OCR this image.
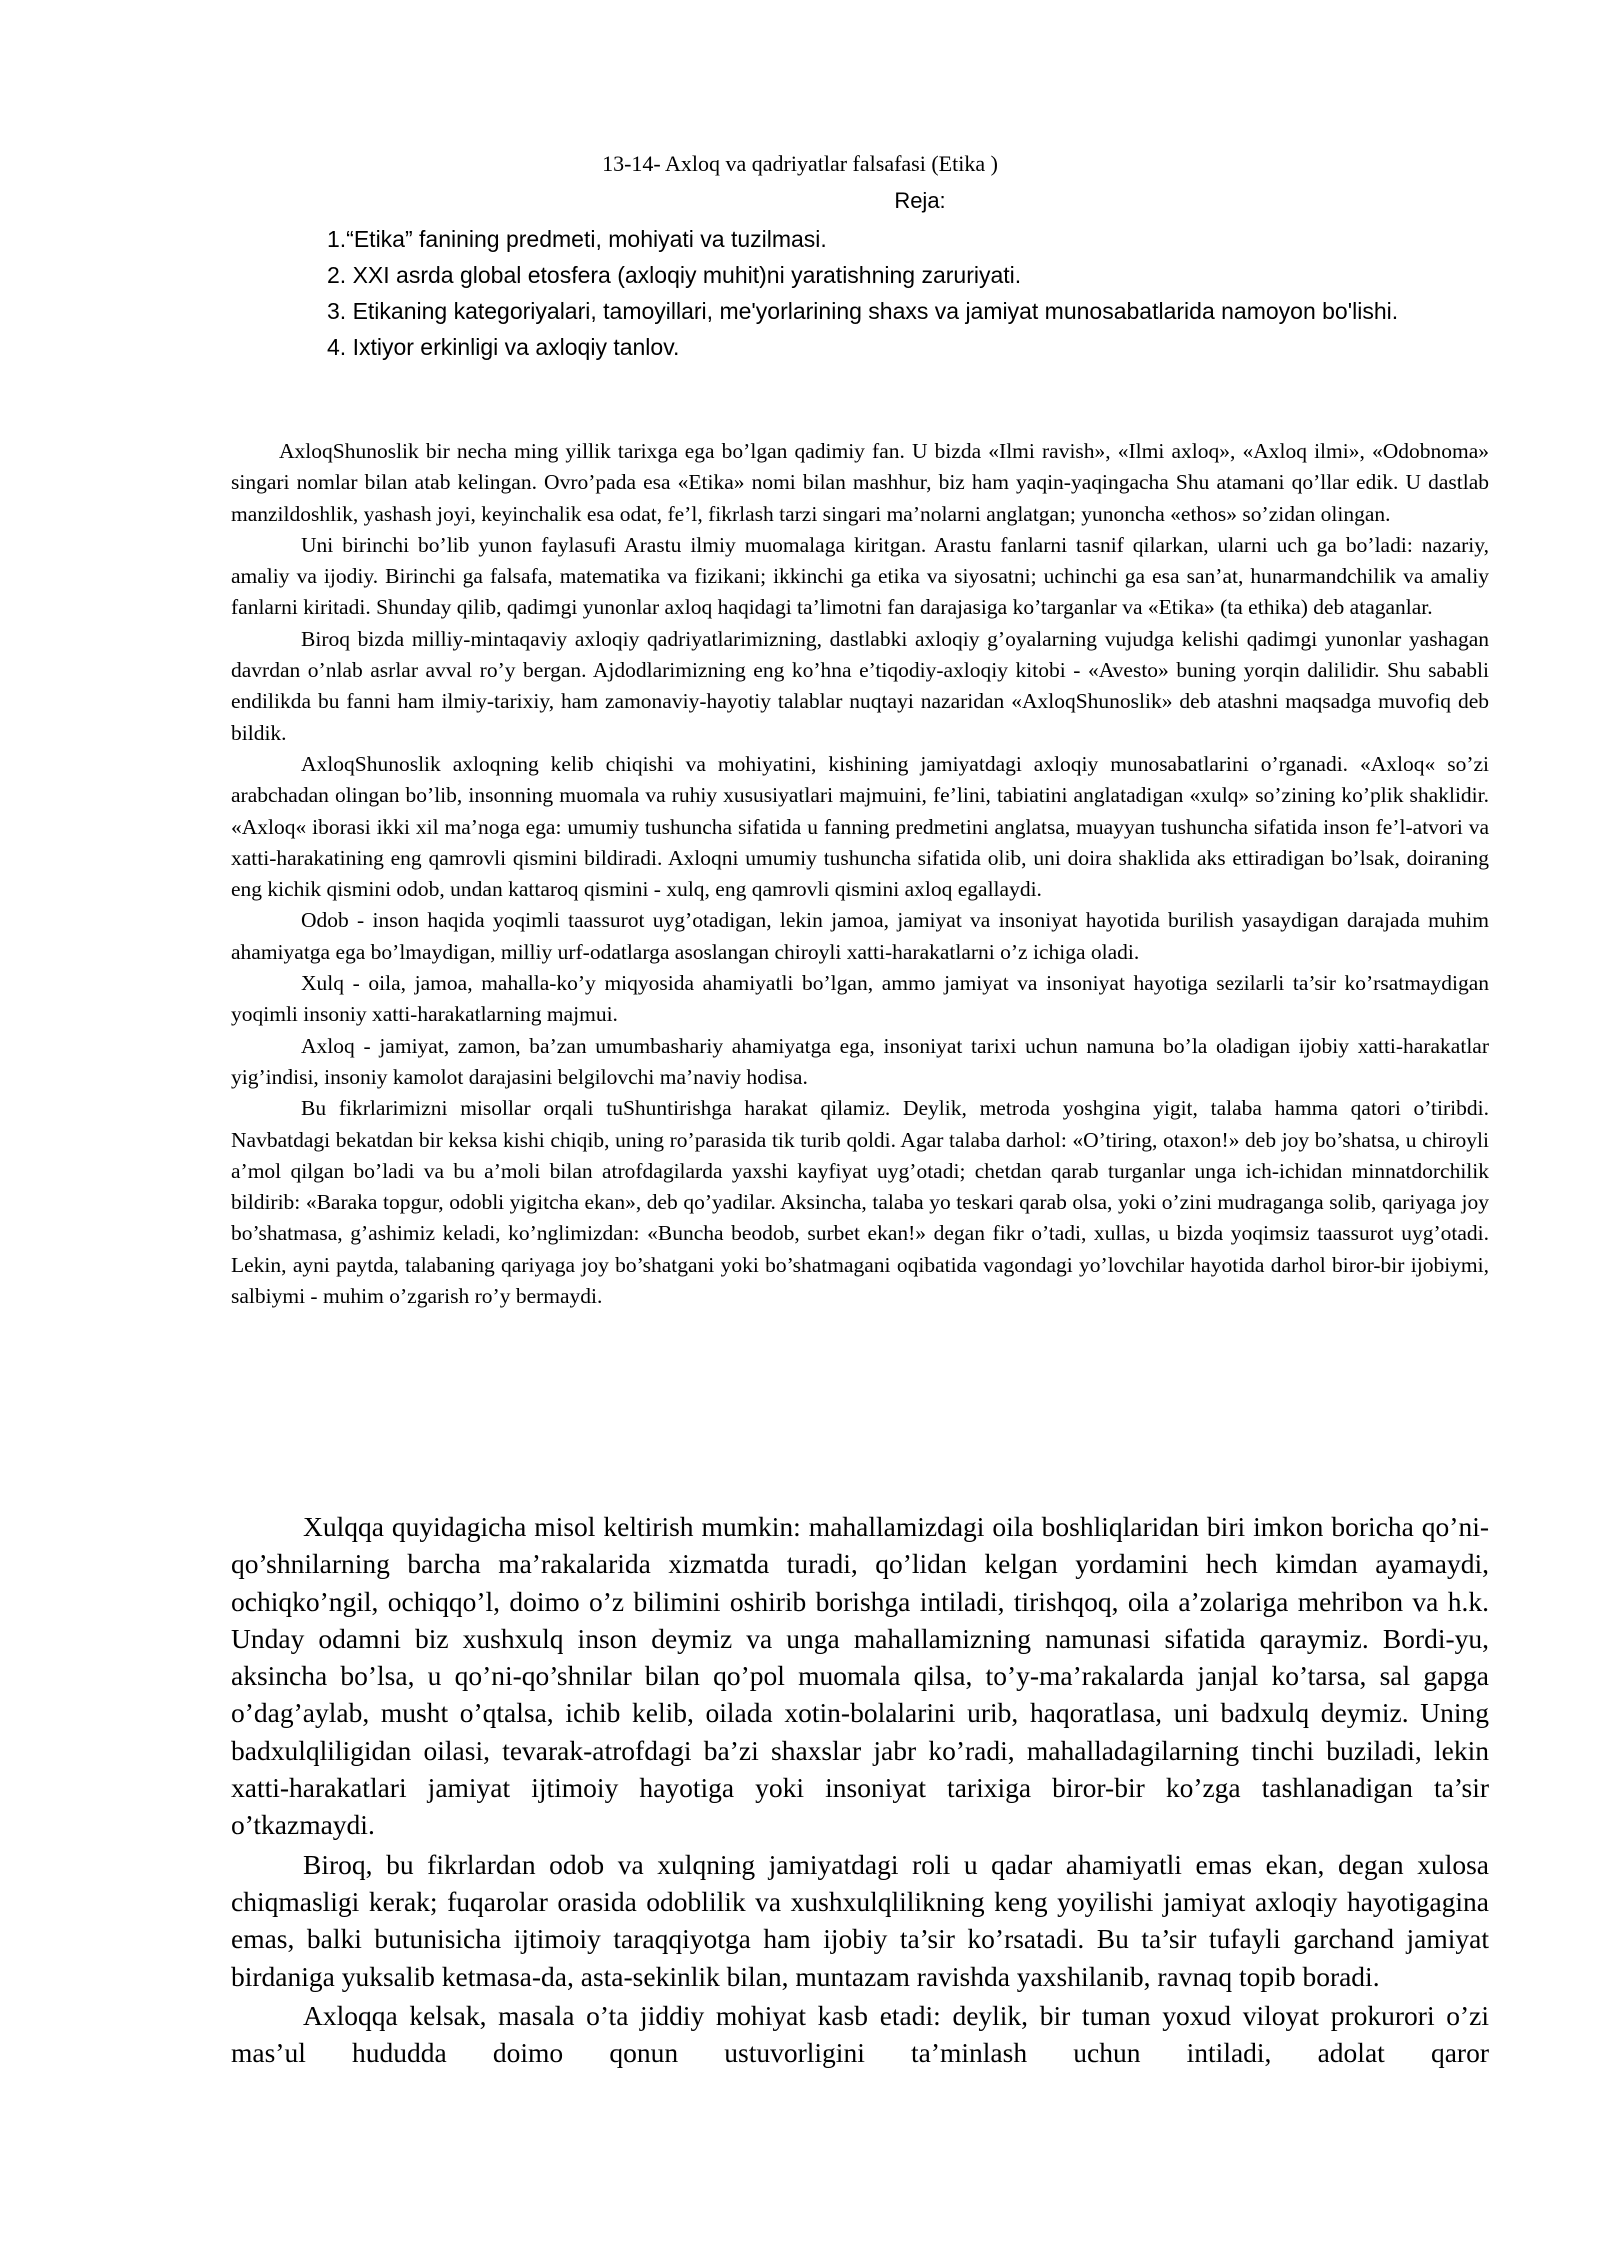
13-14- Axloq va qadriyatlar falsafasi (Etika )
Reja:
1.“Etika” fanining predmeti, mohiyati va tuzilmasi.
2. XXI asrda global etosfera (axloqiy muhit)ni yaratishning zaruriyati.
3. Etikaning kategoriyalari, tamoyillari, me'yorlarining shaxs va jamiyat munosabatlarida namoyon bo'lishi.
4. Ixtiyor erkinligi va axloqiy tanlov.

AxloqShunoslik bir necha ming yillik tarixga ega bo’lgan qadimiy fan. U bizda «Ilmi ravish», «Ilmi axloq», «Axloq ilmi», «Odobnoma» singari nomlar bilan atab kelingan. Ovro’pada esa «Etika» nomi bilan mashhur, biz ham yaqin-yaqingacha Shu atamani qo’llar edik. U dastlab manzildoshlik, yashash joyi, keyinchalik esa odat, fe’l, fikrlash tarzi singari ma’nolarni anglatgan; yunoncha «ethos» so’zidan olingan.

Uni birinchi bo’lib yunon faylasufi Arastu ilmiy muomalaga kiritgan. Arastu fanlarni tasnif qilarkan, ularni uch ga bo’ladi: nazariy, amaliy va ijodiy. Birinchi ga falsafa, matematika va fizikani; ikkinchi ga etika va siyosatni; uchinchi ga esa san’at, hunarmandchilik va amaliy fanlarni kiritadi. Shunday qilib, qadimgi yunonlar axloq haqidagi ta’limotni fan darajasiga ko’targanlar va «Etika» (ta ethika) deb ataganlar.

Biroq bizda milliy-mintaqaviy axloqiy qadriyatlarimizning, dastlabki axloqiy g’oyalarning vujudga kelishi qadimgi yunonlar yashagan davrdan o’nlab asrlar avval ro’y bergan. Ajdodlarimizning eng ko’hna e’tiqodiy-axloqiy kitobi - «Avesto» buning yorqin dalilidir. Shu sababli endilikda bu fanni ham ilmiy-tarixiy, ham zamonaviy-hayotiy talablar nuqtayi nazaridan «AxloqShunoslik» deb atashni maqsadga muvofiq deb bildik.

AxloqShunoslik axloqning kelib chiqishi va mohiyatini, kishining jamiyatdagi axloqiy munosabatlarini o’rganadi. «Axloq« so’zi arabchadan olingan bo’lib, insonning muomala va ruhiy xususiyatlari majmuini, fe’lini, tabiatini anglatadigan «xulq» so’zining ko’plik shaklidir. «Axloq« iborasi ikki xil ma’noga ega: umumiy tushuncha sifatida u fanning predmetini anglatsa, muayyan tushuncha sifatida inson fe’l-atvori va xatti-harakatining eng qamrovli qismini bildiradi. Axloqni umumiy tushuncha sifatida olib, uni doira shaklida aks ettiradigan bo’lsak, doiraning eng kichik qismini odob, undan kattaroq qismini - xulq, eng qamrovli qismini axloq egallaydi.

Odob - inson haqida yoqimli taassurot uyg’otadigan, lekin jamoa, jamiyat va insoniyat hayotida burilish yasaydigan darajada muhim ahamiyatga ega bo’lmaydigan, milliy urf-odatlarga asoslangan chiroyli xatti-harakatlarni o’z ichiga oladi.

Xulq - oila, jamoa, mahalla-ko’y miqyosida ahamiyatli bo’lgan, ammo jamiyat va insoniyat hayotiga sezilarli ta’sir ko’rsatmaydigan yoqimli insoniy xatti-harakatlarning majmui.

Axloq - jamiyat, zamon, ba’zan umumbashariy ahamiyatga ega, insoniyat tarixi uchun namuna bo’la oladigan ijobiy xatti-harakatlar yig’indisi, insoniy kamolot darajasini belgilovchi ma’naviy hodisa.

Bu fikrlarimizni misollar orqali tuShuntirishga harakat qilamiz. Deylik, metroda yoshgina yigit, talaba hamma qatori o’tiribdi. Navbatdagi bekatdan bir keksa kishi chiqib, uning ro’parasida tik turib qoldi. Agar talaba darhol: «O’tiring, otaxon!» deb joy bo’shatsa, u chiroyli a’mol qilgan bo’ladi va bu a’moli bilan atrofdagilarda yaxshi kayfiyat uyg’otadi; chetdan qarab turganlar unga ich-ichidan minnatdorchilik bildirib: «Baraka topgur, odobli yigitcha ekan», deb qo’yadilar. Aksincha, talaba yo teskari qarab olsa, yoki o’zini mudraganga solib, qariyaga joy bo’shatmasa, g’ashimiz keladi, ko’nglimizdan: «Buncha beodob, surbet ekan!» degan fikr o’tadi, xullas, u bizda yoqimsiz taassurot uyg’otadi. Lekin, ayni paytda, talabaning qariyaga joy bo’shatgani yoki bo’shatmagani oqibatida vagondagi yo’lovchilar hayotida darhol biror-bir ijobiymi, salbiymi - muhim o’zgarish ro’y bermaydi.

Xulqqa quyidagicha misol keltirish mumkin: mahallamizdagi oila boshliqlaridan biri imkon boricha qo’ni-qo’shnilarning barcha ma’rakalarida xizmatda turadi, qo’lidan kelgan yordamini hech kimdan ayamaydi, ochiqko’ngil, ochiqqo’l, doimo o’z bilimini oshirib borishga intiladi, tirishqoq, oila a’zolariga mehribon va h.k. Unday odamni biz xushxulq inson deymiz va unga mahallamizning namunasi sifatida qaraymiz. Bordi-yu, aksincha bo’lsa, u qo’ni-qo’shnilar bilan qo’pol muomala qilsa, to’y-ma’rakalarda janjal ko’tarsa, sal gapga o’dag’aylab, musht o’qtalsa, ichib kelib, oilada xotin-bolalarini urib, haqoratlasa, uni badxulq deymiz. Uning badxulqliligidan oilasi, tevarak-atrofdagi ba’zi shaxslar jabr ko’radi, mahalladagilarning tinchi buziladi, lekin xatti-harakatlari jamiyat ijtimoiy hayotiga yoki insoniyat tarixiga biror-bir ko’zga tashlanadigan ta’sir o’tkazmaydi.

Biroq, bu fikrlardan odob va xulqning jamiyatdagi roli u qadar ahamiyatli emas ekan, degan xulosa chiqmasligi kerak; fuqarolar orasida odoblilik va xushxulqlilikning keng yoyilishi jamiyat axloqiy hayotigagina emas, balki butunisicha ijtimoiy taraqqiyotga ham ijobiy ta’sir ko’rsatadi. Bu ta’sir tufayli garchand jamiyat birdaniga yuksalib ketmasa-da, asta-sekinlik bilan, muntazam ravishda yaxshilanib, ravnaq topib boradi.

Axloqqa kelsak, masala o’ta jiddiy mohiyat kasb etadi: deylik, bir tuman yoxud viloyat prokurori o’zi mas’ul hududda doimo qonun ustuvorligini ta’minlash uchun intiladi, adolat qaror
